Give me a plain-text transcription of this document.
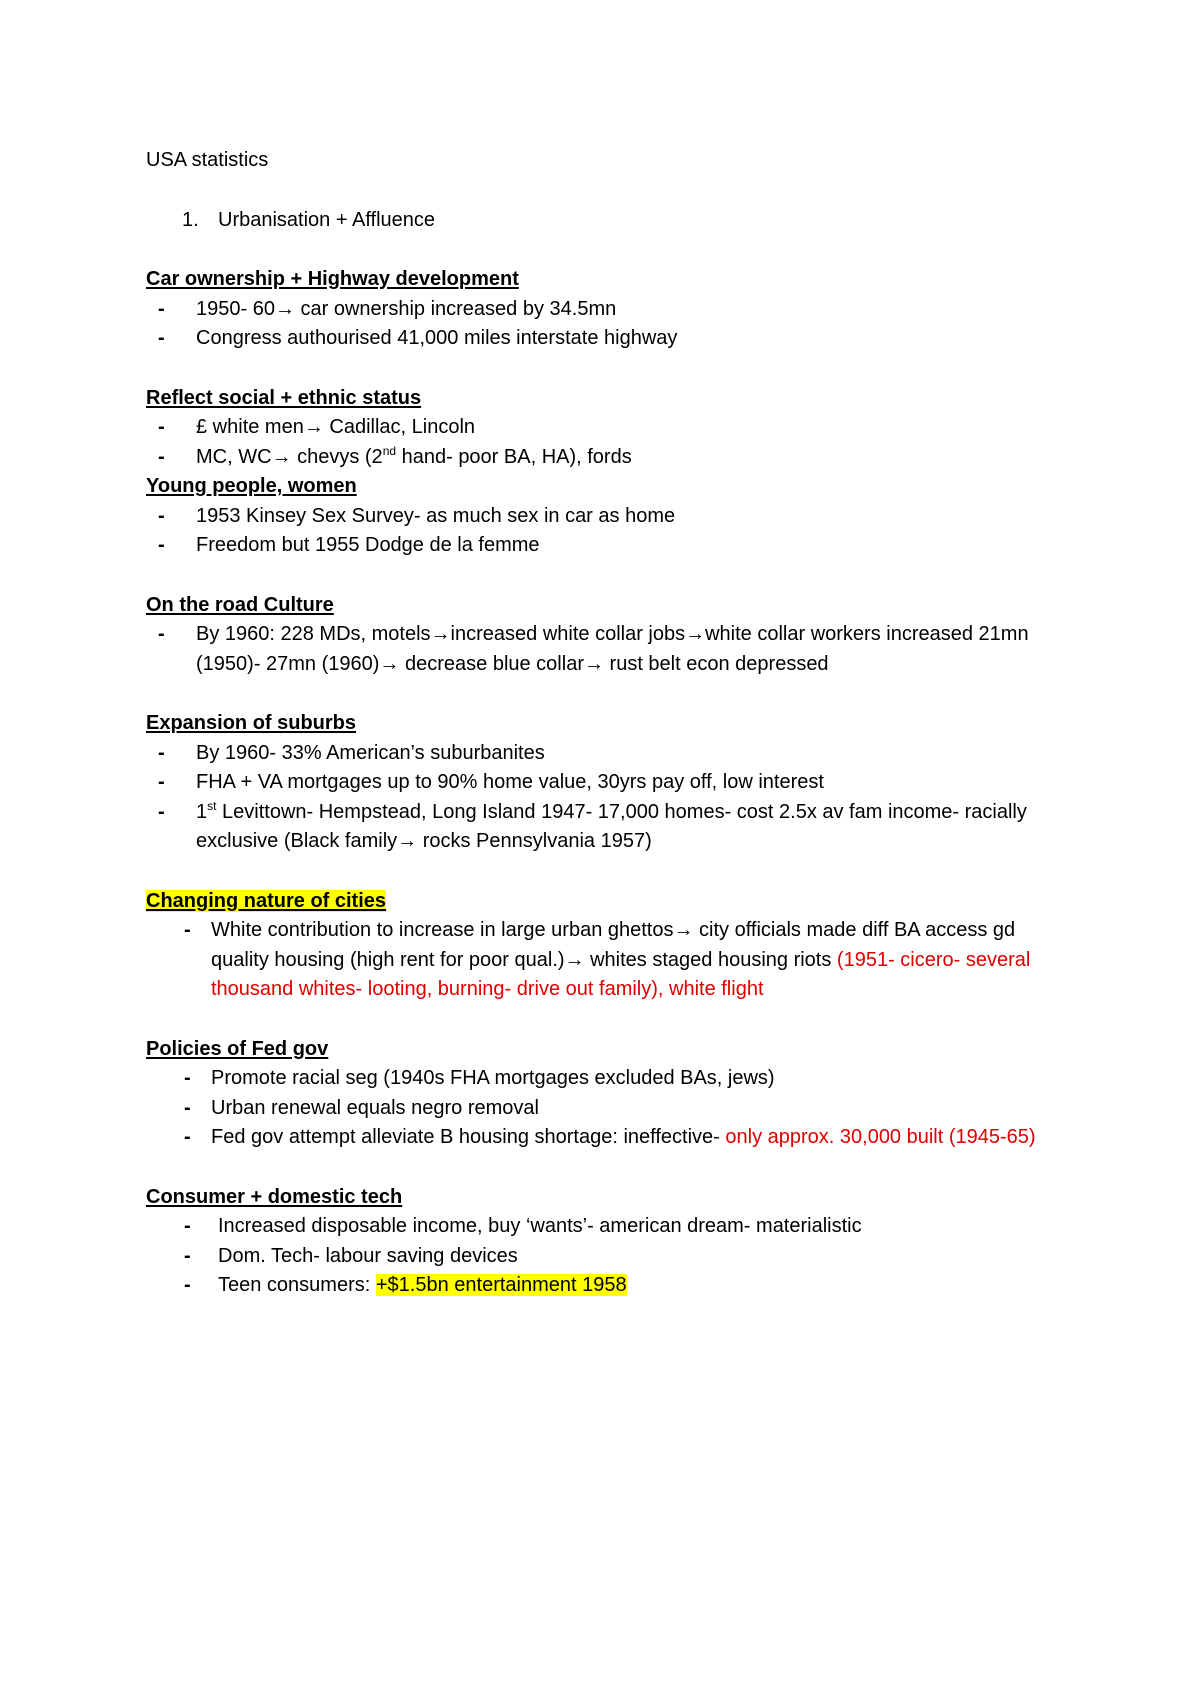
USA statistics
1. Urbanisation + Affluence
Car ownership + Highway development
- 1950- 60→ car ownership increased by 34.5mn
- Congress authourised 41,000 miles interstate highway
Reflect social + ethnic status
- £ white men→ Cadillac, Lincoln
- MC, WC→ chevys (2nd hand- poor BA, HA), fords
Young people, women
- 1953 Kinsey Sex Survey- as much sex in car as home
- Freedom but 1955 Dodge de la femme
On the road Culture
- By 1960: 228 MDs, motels→increased white collar jobs→white collar workers increased 21mn (1950)- 27mn (1960)→ decrease blue collar→ rust belt econ depressed
Expansion of suburbs
- By 1960- 33% American’s suburbanites
- FHA + VA mortgages up to 90% home value, 30yrs pay off, low interest
- 1st Levittown- Hempstead, Long Island 1947- 17,000 homes- cost 2.5x av fam income- racially exclusive (Black family→ rocks Pennsylvania 1957)
Changing nature of cities
- White contribution to increase in large urban ghettos→ city officials made diff BA access gd quality housing (high rent for poor qual.)→ whites staged housing riots (1951- cicero- several thousand whites- looting, burning- drive out family), white flight
Policies of Fed gov
- Promote racial seg (1940s FHA mortgages excluded BAs, jews)
- Urban renewal equals negro removal
- Fed gov attempt alleviate B housing shortage: ineffective- only approx. 30,000 built (1945-65)
Consumer + domestic tech
- Increased disposable income, buy ‘wants’- american dream- materialistic
- Dom. Tech- labour saving devices
- Teen consumers: +$1.5bn entertainment 1958
